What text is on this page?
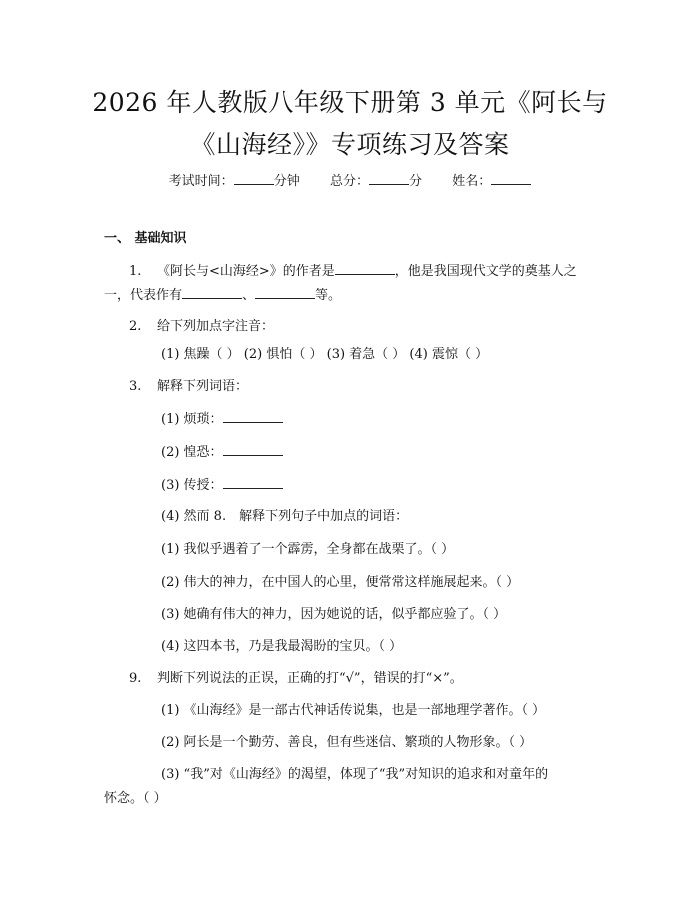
2026 年人教版八年级下册第 3 单元《阿长与
《山海经》》专项练习及答案
考试时间：	分钟 总分：	分 姓名：
一、 基础知识
1. 《阿长与<山海经>》的作者是	，他是我国现代文学的奠基人之
一，代表作有	、	等。
2. 给下列加点字注音：
(1) 焦躁（ ） (2) 惧怕（ ） (3) 着急（ ） (4) 震惊（ ）
3. 解释下列词语：
(1) 烦琐：
(2) 惶恐：
(3) 传授：
(4) 然而 8.　解释下列句子中加点的词语：
(1) 我似乎遇着了一个霹雳，全身都在战栗了。（ ）
(2) 伟大的神力，在中国人的心里，便常常这样施展起来。（ ）
(3) 她确有伟大的神力，因为她说的话，似乎都应验了。（ ）
(4) 这四本书，乃是我最渴盼的宝贝。（ ）
9. 判断下列说法的正误，正确的打“√”，错误的打“×”。
(1) 《山海经》是一部古代神话传说集，也是一部地理学著作。（ ）
(2) 阿长是一个勤劳、善良，但有些迷信、繁琐的人物形象。（ ）
(3) “我”对《山海经》的渴望，体现了“我”对知识的追求和对童年的
怀念。（ ）
